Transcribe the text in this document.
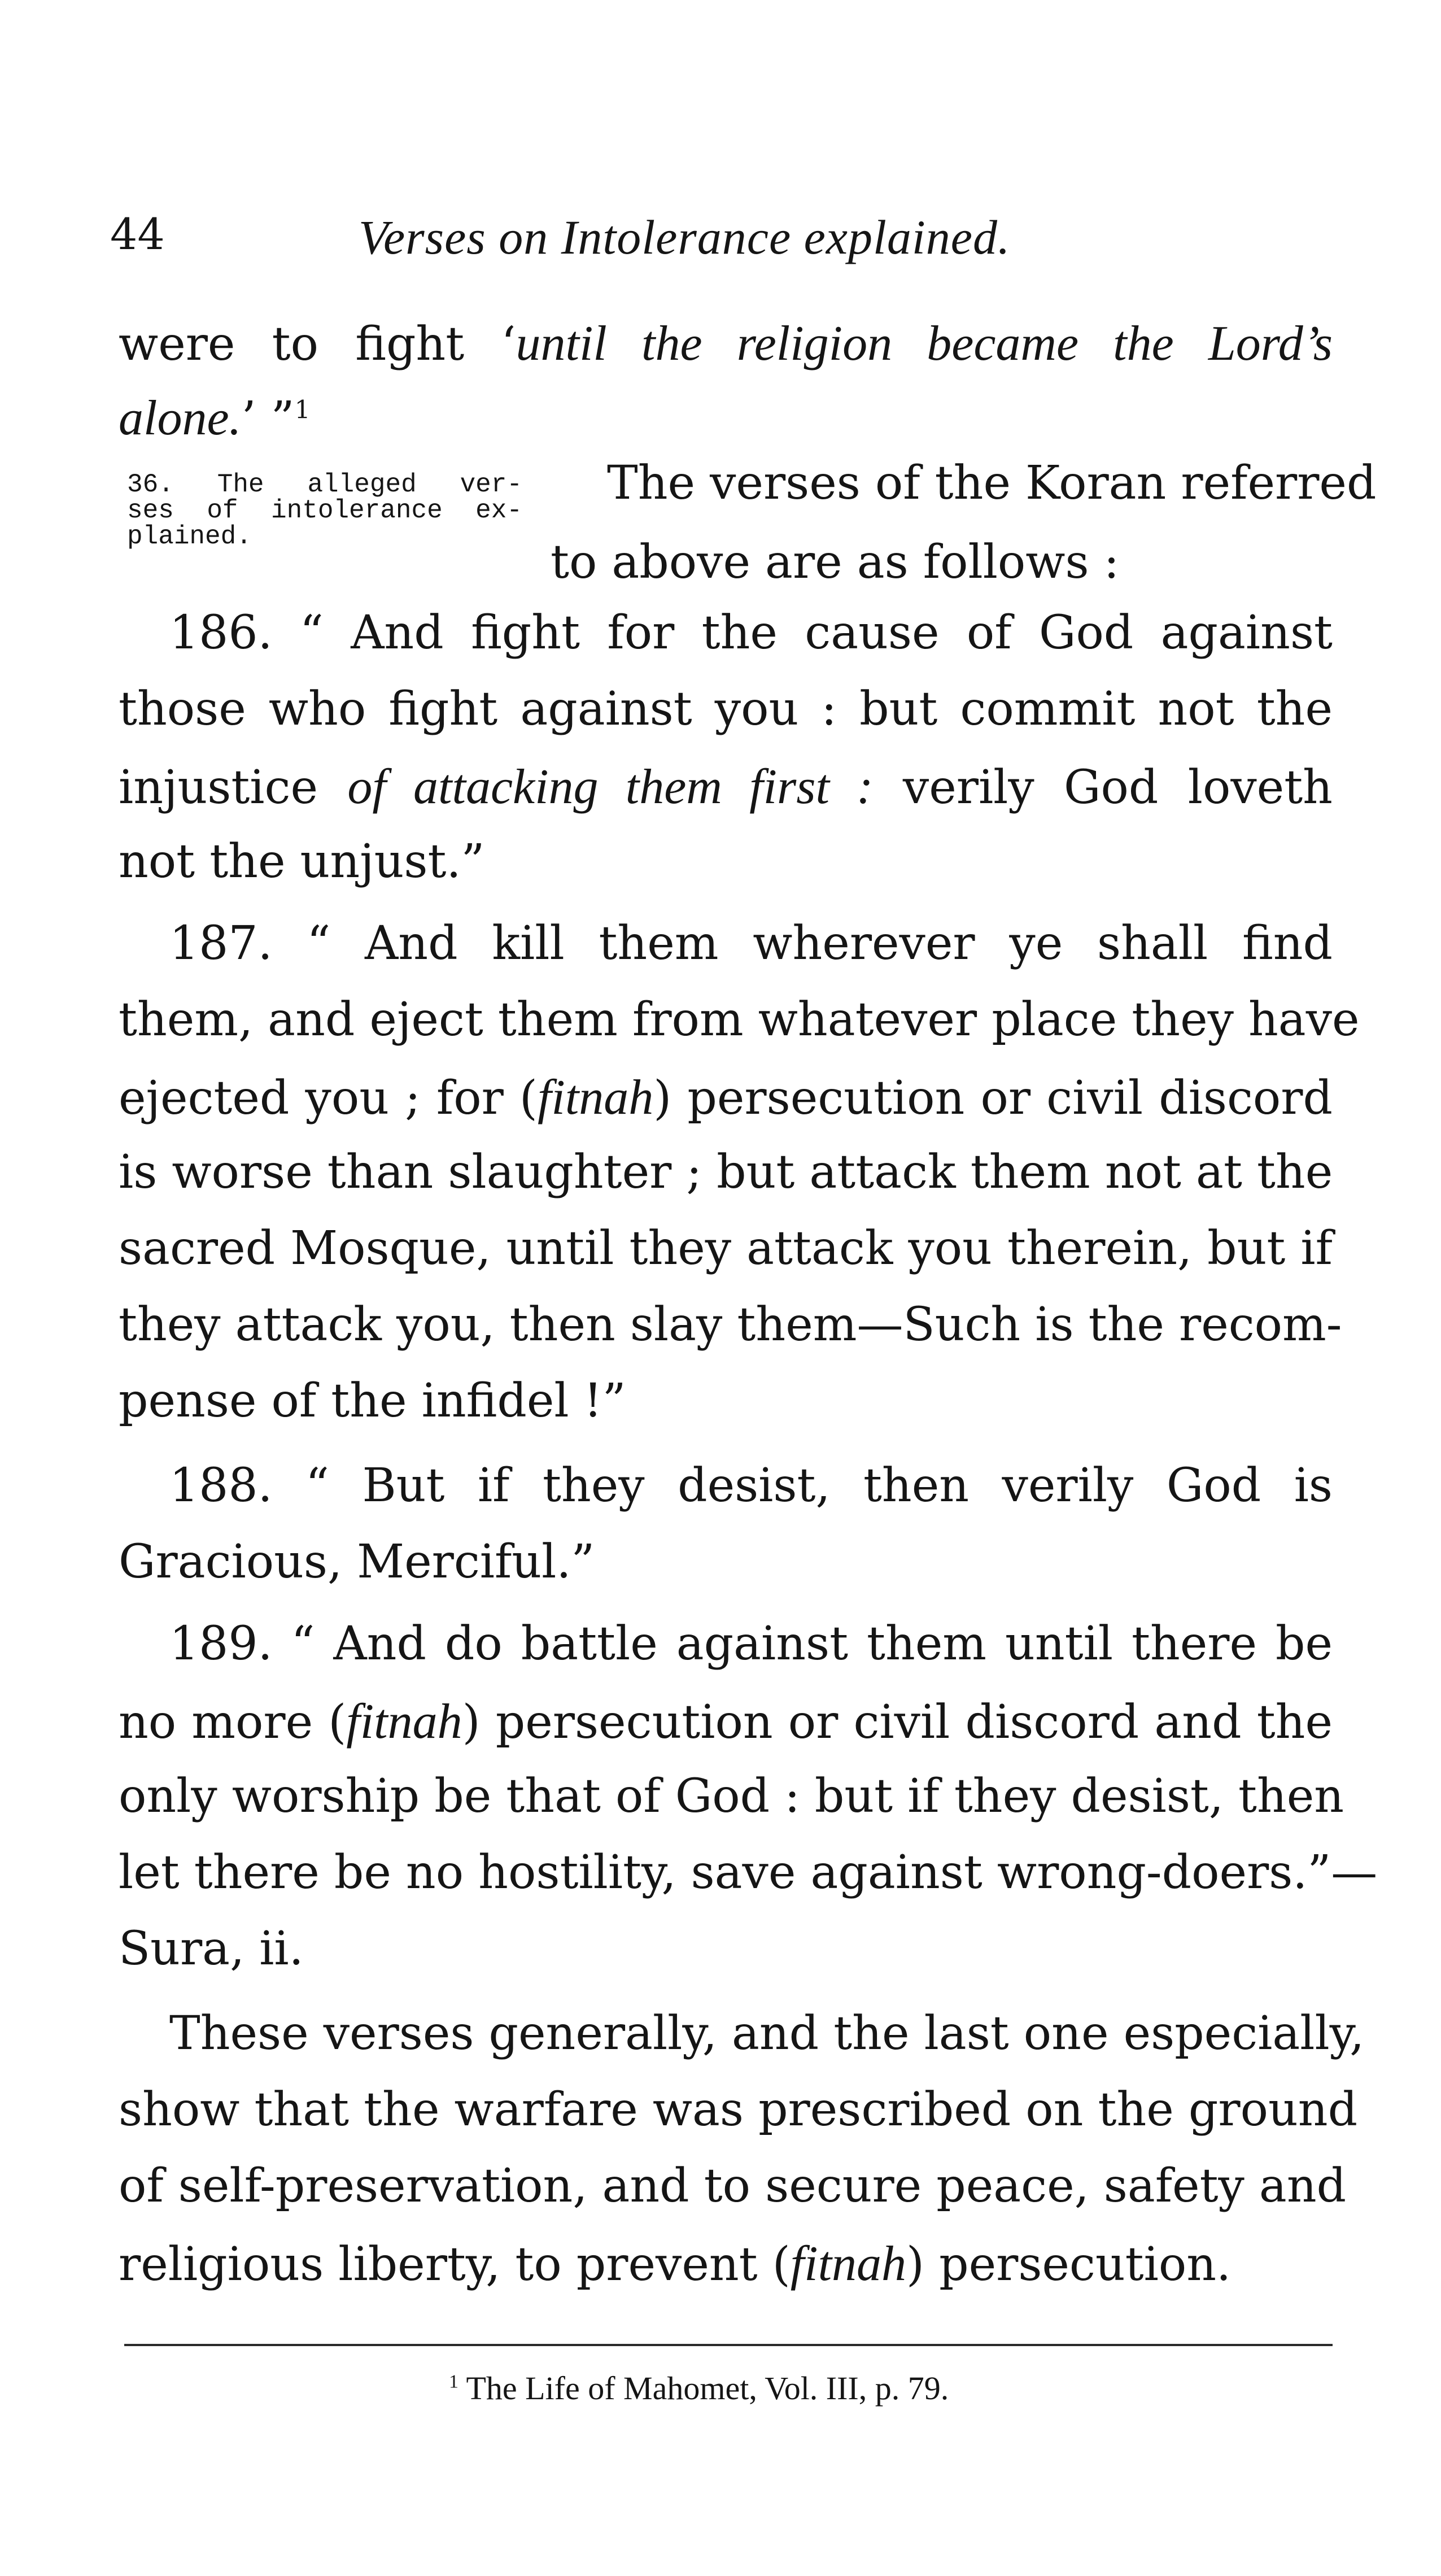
44	Verses on Intolerance explained.
were to fight ‘until the religion became the Lord’s
alone.’ ”$^1$
36. The alleged ver-
ses of intolerance ex-
plained.
The verses of the Koran referred
to above are as follows :
186. “ And fight for the cause of God against
those who fight against you : but commit not the
injustice of attacking them first : verily God loveth
not the unjust.”
187. “ And kill them wherever ye shall find
them, and eject them from whatever place they have
ejected you ; for (fitnah) persecution or civil discord
is worse than slaughter ; but attack them not at the
sacred Mosque, until they attack you therein, but if
they attack you, then slay them—Such is the recom-
pense of the infidel !”
188. “ But if they desist, then verily God is
Gracious, Merciful.”
189. “ And do battle against them until there be
no more (fitnah) persecution or civil discord and the
only worship be that of God : but if they desist, then
let there be no hostility, save against wrong-doers.”—
Sura, ii.
These verses generally, and the last one especially,
show that the warfare was prescribed on the ground
of self-preservation, and to secure peace, safety and
religious liberty, to prevent (fitnah) persecution.
$^1$ The Life of Mahomet, Vol. III, p. 79.
